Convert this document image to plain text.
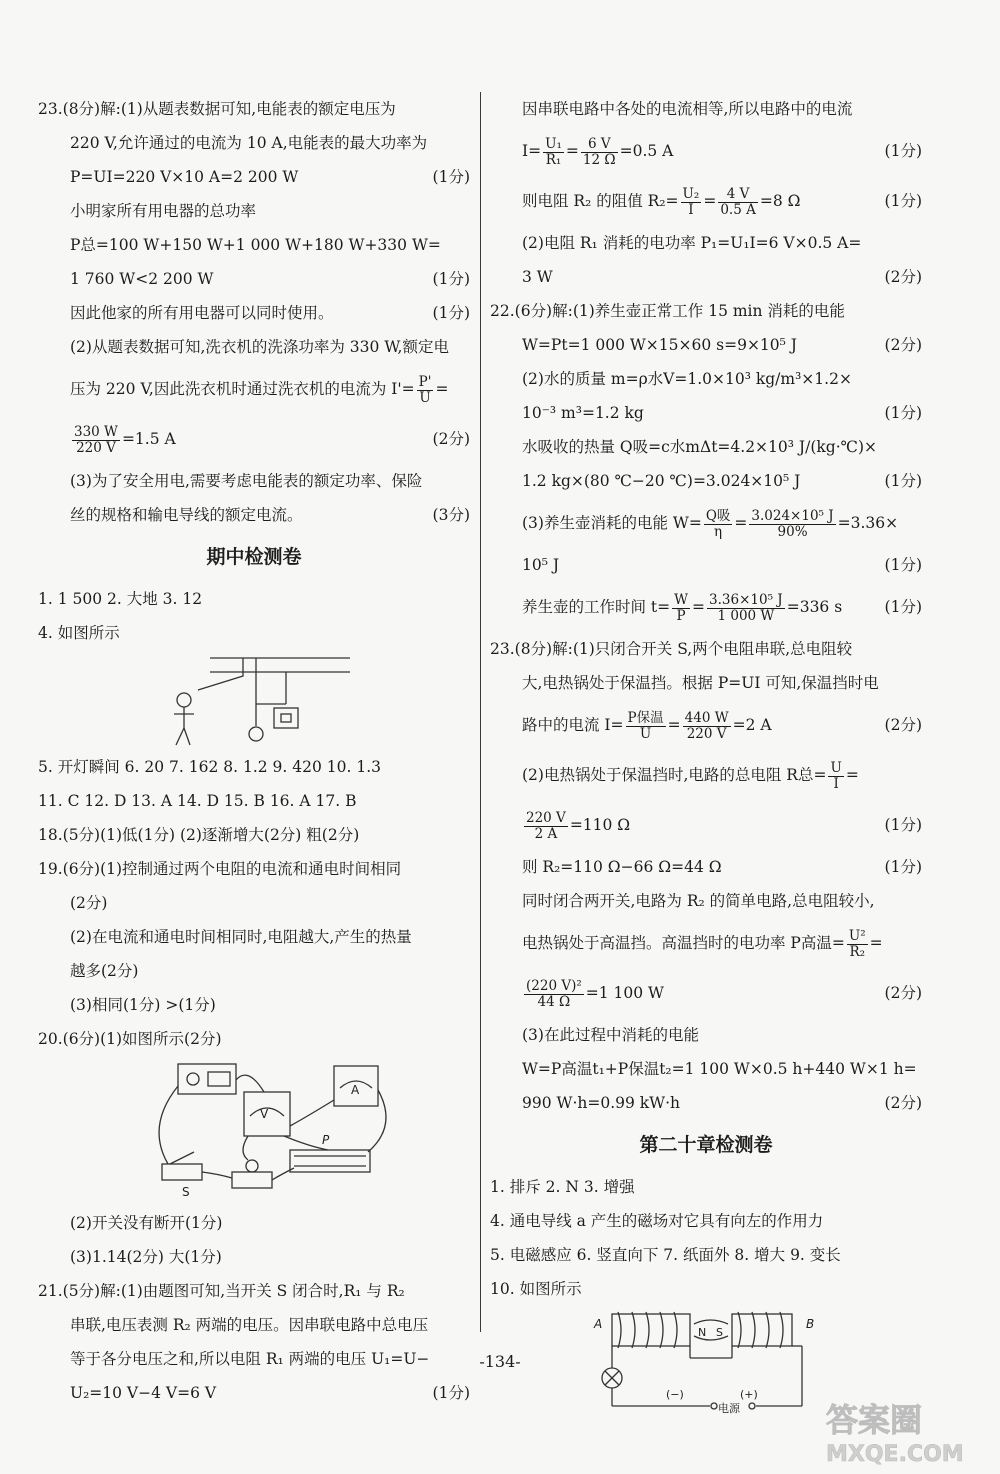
23.(8分)解:(1)从题表数据可知,电能表的额定电压为
220 V,允许通过的电流为 10 A,电能表的最大功率为
P=UI=220 V×10 A=2 200 W	(1分)
小明家所有用电器的总功率
P总=100 W+150 W+1 000 W+180 W+330 W=
1 760 W<2 200 W	(1分)
因此他家的所有用电器可以同时使用。	(1分)
(2)从题表数据可知,洗衣机的洗涤功率为 330 W,额定电
压为 220 V,因此洗衣机时通过洗衣机的电流为 $I'= \frac{P'}{U}$ =
$\frac{330 W}{220 V} =1.5$ A	(2分)
(3)为了安全用电,需要考虑电能表的额定功率、保险
丝的规格和输电导线的额定电流。	(3分)
期中检测卷
1. 1 500 2. 大地 3. 12
4. 如图所示
5. 开灯瞬间 6. 20 7. 162 8. 1.2 9. 420 10. 1.3
11. C 12. D 13. A 14. D 15. B 16. A 17. B
18.(5分)(1)低(1分) (2)逐渐增大(2分) 粗(2分)
19.(6分)(1)控制通过两个电阻的电流和通电时间相同
(2分)
(2)在电流和通电时间相同时,电阻越大,产生的热量
越多(2分)
(3)相同(1分) >(1分)
20.(6分)(1)如图所示(2分)
V
A
S
P
(2)开关没有断开(1分)
(3)1.14(2分) 大(1分)
21.(5分)解:(1)由题图可知,当开关 S 闭合时,R₁ 与 R₂
串联,电压表测 R₂ 两端的电压。因串联电路中总电压
等于各分电压之和,所以电阻 R₁ 两端的电压 U₁=U−
U₂=10 V−4 V=6 V	(1分)
因串联电路中各处的电流相等,所以电路中的电流
$I= \frac{\text{U₁}}{\text{R₁}} = \frac{6 V}{12 \Omega} =0.5$ A	(1分)
则电阻 R₂ 的阻值 $R_2= \frac{\text{U₂}}{I} = \frac{4 V}{0.5 A} =8$ Ω	(1分)
(2)电阻 R₁ 消耗的电功率 P₁=U₁I=6 V×0.5 A=
3 W	(2分)
22.(6分)解:(1)养生壶正常工作 15 min 消耗的电能
W=Pt=1 000 W×15×60 s=9×10⁵ J	(2分)
(2)水的质量 m=ρ水V=1.0×10³ kg/m³×1.2×
10⁻³ m³=1.2 kg	(1分)
水吸收的热量 Q吸=c水mΔt=4.2×10³ J/(kg·℃)×
1.2 kg×(80 ℃−20 ℃)=3.024×10⁵ J	(1分)
(3)养生壶消耗的电能 $W= \frac{\text{Q吸}}{\eta} = \frac{\text{3.024×10⁵ J}}{90\%} =3.36\times$
10⁵ J	(1分)
养生壶的工作时间 $t= \frac{W}{P} = \frac{\text{3.36×10⁵ J}}{1 000 W} =336$ s	(1分)
23.(8分)解:(1)只闭合开关 S,两个电阻串联,总电阻较
大,电热锅处于保温挡。根据 P=UI 可知,保温挡时电
路中的电流 $I= \frac{\text{P保温}}{U} = \frac{440 W}{220 V} =2$ A	(2分)
(2)电热锅处于保温挡时,电路的总电阻 R总= $\frac{U}{I}$ =
$\frac{220 V}{2 A} =110$ Ω	(1分)
则 R₂=110 Ω−66 Ω=44 Ω	(1分)
同时闭合两开关,电路为 R₂ 的简单电路,总电阻较小,
电热锅处于高温挡。高温挡时的电功率 P高温= $\frac{\text{U²}}{\text{R₂}}$ =
$\frac{\text{(220 V)²}}{44 \Omega} =1$ 100 W	(2分)
(3)在此过程中消耗的电能
W=P高温t₁+P保温t₂=1 100 W×0.5 h+440 W×1 h=
990 W·h=0.99 kW·h	(2分)
第二十章检测卷
1. 排斥 2. N 3. 增强
4. 通电导线 a 产生的磁场对它具有向左的作用力
5. 电磁感应 6. 竖直向下 7. 纸面外 8. 增大 9. 变长
10. 如图所示
A	B
N S
(−)	(+)
电源
-134-
答案圈
MXQE.COM
